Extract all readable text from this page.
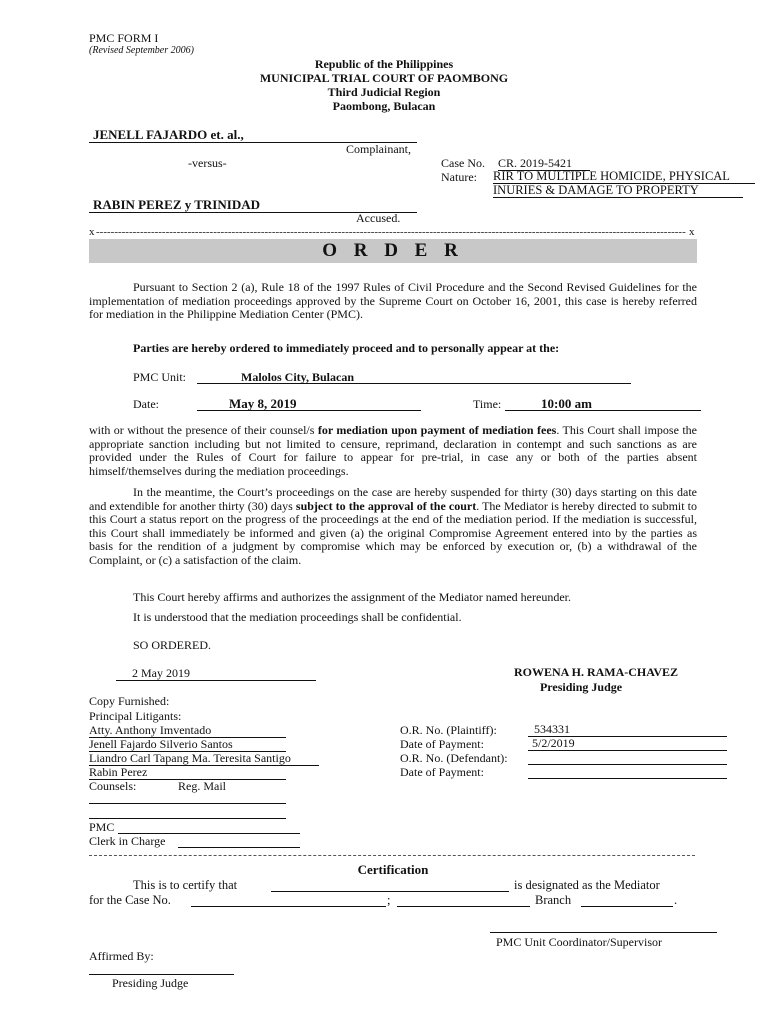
PMC FORM I
(Revised September 2006)
Republic of the Philippines
MUNICIPAL TRIAL COURT OF PAOMBONG
Third Judicial Region
Paombong, Bulacan
JENELL FAJARDO et. al.,
Complainant,
-versus-	Case No. CR. 2019-5421
Nature: RIR TO MULTIPLE HOMICIDE, PHYSICAL
INURIES & DAMAGE TO PROPERTY
RABIN PEREZ y TRINIDAD
Accused.
x ----------------------------------------------------------------------------------------------------------------------------------------------------------------- x
O R D E R
Pursuant to Section 2 (a), Rule 18 of the 1997 Rules of Civil Procedure and the Second Revised Guidelines for the implementation of mediation proceedings approved by the Supreme Court on October 16, 2001, this case is hereby referred for mediation in the Philippine Mediation Center (PMC).
Parties are hereby ordered to immediately proceed and to personally appear at the:
PMC Unit:	Malolos City, Bulacan
Date:	May 8, 2019	Time:	10:00 am
with or without the presence of their counsel/s for mediation upon payment of mediation fees. This Court shall impose the appropriate sanction including but not limited to censure, reprimand, declaration in contempt and such sanctions as are provided under the Rules of Court for failure to appear for pre-trial, in case any or both of the parties absent himself/themselves during the mediation proceedings.
In the meantime, the Court’s proceedings on the case are hereby suspended for thirty (30) days starting on this date and extendible for another thirty (30) days subject to the approval of the court. The Mediator is hereby directed to submit to this Court a status report on the progress of the proceedings at the end of the mediation period. If the mediation is successful, this Court shall immediately be informed and given (a) the original Compromise Agreement entered into by the parties as basis for the rendition of a judgment by compromise which may be enforced by execution or, (b) a withdrawal of the Complaint, or (c) a satisfaction of the claim.
This Court hereby affirms and authorizes the assignment of the Mediator named hereunder.
It is understood that the mediation proceedings shall be confidential.
SO ORDERED.
2 May 2019	ROWENA H. RAMA-CHAVEZ
Presiding Judge
Copy Furnished:
Principal Litigants:
Atty. Anthony Imventado
Jenell Fajardo Silverio Santos
Liandro Carl Tapang Ma. Teresita Santigo
Rabin Perez
Counsels:	Reg. Mail
PMC
Clerk in Charge
O.R. No. (Plaintiff):	534331
Date of Payment:	5/2/2019
O.R. No. (Defendant):
Date of Payment:
Certification
This is to certify that	is designated as the Mediator
for the Case No.	;	Branch	.
PMC Unit Coordinator/Supervisor
Affirmed By:
Presiding Judge
